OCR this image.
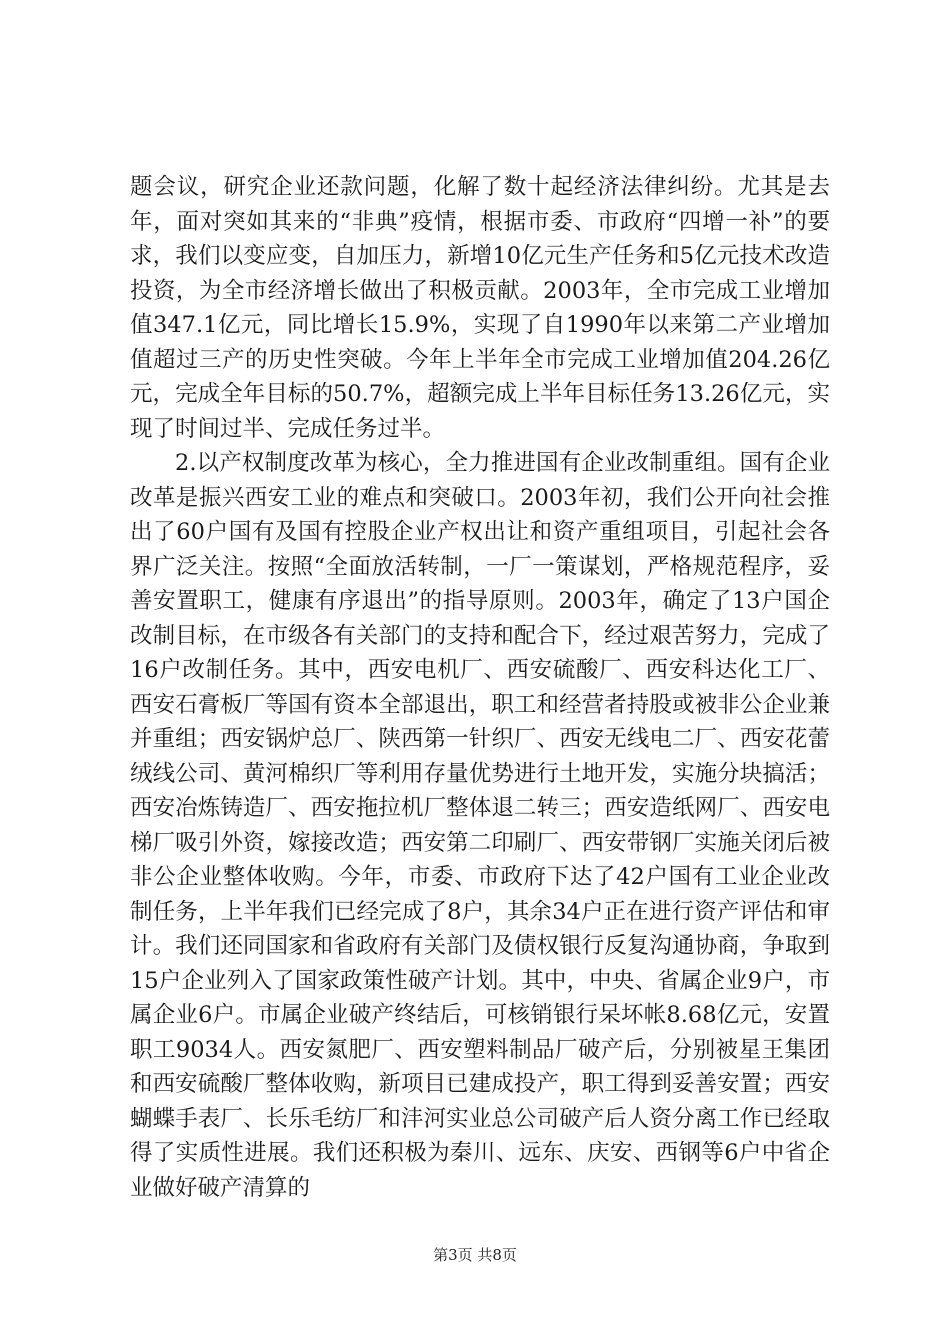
题会议，研究企业还款问题，化解了数十起经济法律纠纷。尤其是去年，面对突如其来的“非典”疫情，根据市委、市政府“四增一补”的要求，我们以变应变，自加压力，新增10亿元生产任务和5亿元技术改造投资，为全市经济增长做出了积极贡献。2003年，全市完成工业增加值347.1亿元，同比增长15.9%，实现了自1990年以来第二产业增加值超过三产的历史性突破。今年上半年全市完成工业增加值204.26亿元，完成全年目标的50.7%，超额完成上半年目标任务13.26亿元，实现了时间过半、完成任务过半。

2.以产权制度改革为核心，全力推进国有企业改制重组。国有企业改革是振兴西安工业的难点和突破口。2003年初，我们公开向社会推出了60户国有及国有控股企业产权出让和资产重组项目，引起社会各界广泛关注。按照“全面放活转制，一厂一策谋划，严格规范程序，妥善安置职工，健康有序退出”的指导原则。2003年，确定了13户国企改制目标，在市级各有关部门的支持和配合下，经过艰苦努力，完成了16户改制任务。其中，西安电机厂、西安硫酸厂、西安科达化工厂、西安石膏板厂等国有资本全部退出，职工和经营者持股或被非公企业兼并重组；西安锅炉总厂、陕西第一针织厂、西安无线电二厂、西安花蕾绒线公司、黄河棉织厂等利用存量优势进行土地开发，实施分块搞活；西安冶炼铸造厂、西安拖拉机厂整体退二转三；西安造纸网厂、西安电梯厂吸引外资，嫁接改造；西安第二印刷厂、西安带钢厂实施关闭后被非公企业整体收购。今年，市委、市政府下达了42户国有工业企业改制任务，上半年我们已经完成了8户，其余34户正在进行资产评估和审计。我们还同国家和省政府有关部门及债权银行反复沟通协商，争取到15户企业列入了国家政策性破产计划。其中，中央、省属企业9户，市属企业6户。市属企业破产终结后，可核销银行呆坏帐8.68亿元，安置职工9034人。西安氮肥厂、西安塑料制品厂破产后，分别被星王集团和西安硫酸厂整体收购，新项目已建成投产，职工得到妥善安置；西安蝴蝶手表厂、长乐毛纺厂和沣河实业总公司破产后人资分离工作已经取得了实质性进展。我们还积极为秦川、远东、庆安、西钢等6户中省企业做好破产清算的

第3页 共8页
